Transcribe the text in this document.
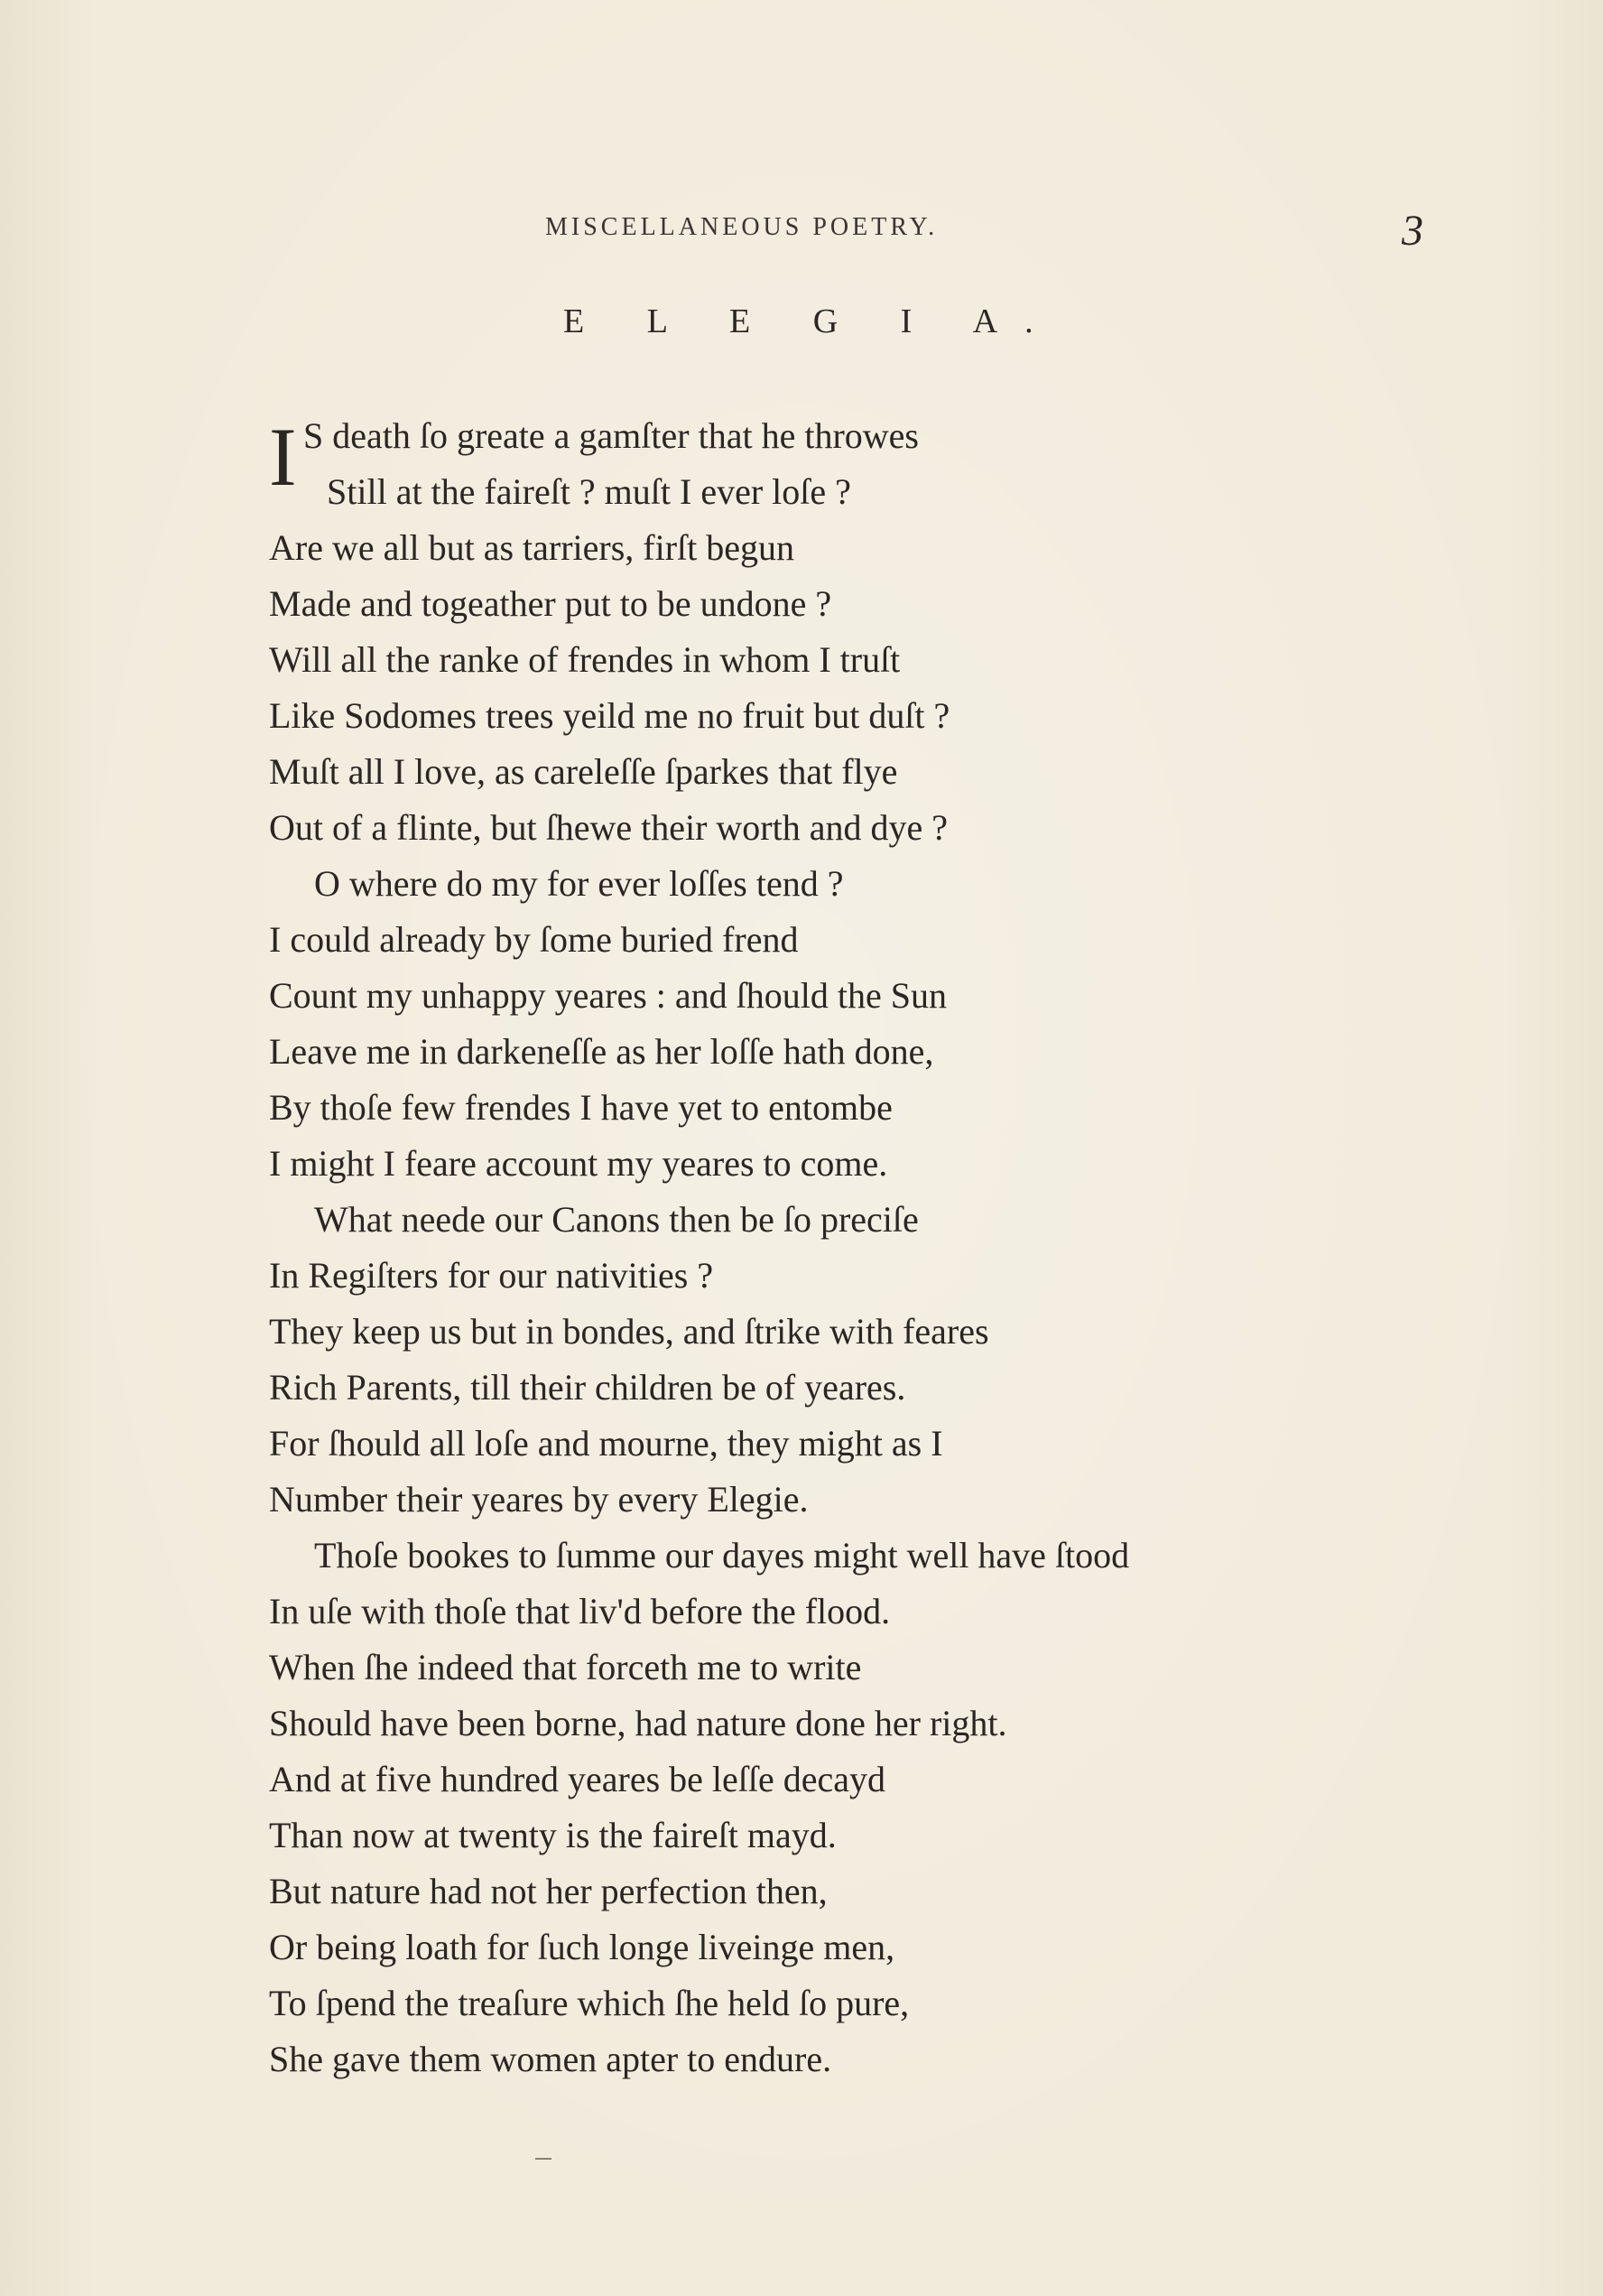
MISCELLANEOUS POETRY.	3
E L E G I A.
I S death ſo greate a gamſter that he throwes
Still at the faireſt ? muſt I ever loſe ?
Are we all but as tarriers, firſt begun
Made and togeather put to be undone ?
Will all the ranke of frendes in whom I truſt
Like Sodomes trees yeild me no fruit but duſt ?
Muſt all I love, as careleſſe ſparkes that flye
Out of a flinte, but ſhewe their worth and dye ?
O where do my for ever loſſes tend ?
I could already by ſome buried frend
Count my unhappy yeares : and ſhould the Sun
Leave me in darkeneſſe as her loſſe hath done,
By thoſe few frendes I have yet to entombe
I might I feare account my yeares to come.
What neede our Canons then be ſo preciſe
In Regiſters for our nativities ?
They keep us but in bondes, and ſtrike with feares
Rich Parents, till their children be of yeares.
For ſhould all loſe and mourne, they might as I
Number their yeares by every Elegie.
Thoſe bookes to ſumme our dayes might well have ſtood
In uſe with thoſe that liv'd before the flood.
When ſhe indeed that forceth me to write
Should have been borne, had nature done her right.
And at five hundred yeares be leſſe decayd
Than now at twenty is the faireſt mayd.
But nature had not her perfection then,
Or being loath for ſuch longe liveinge men,
To ſpend the treaſure which ſhe held ſo pure,
She gave them women apter to endure.
